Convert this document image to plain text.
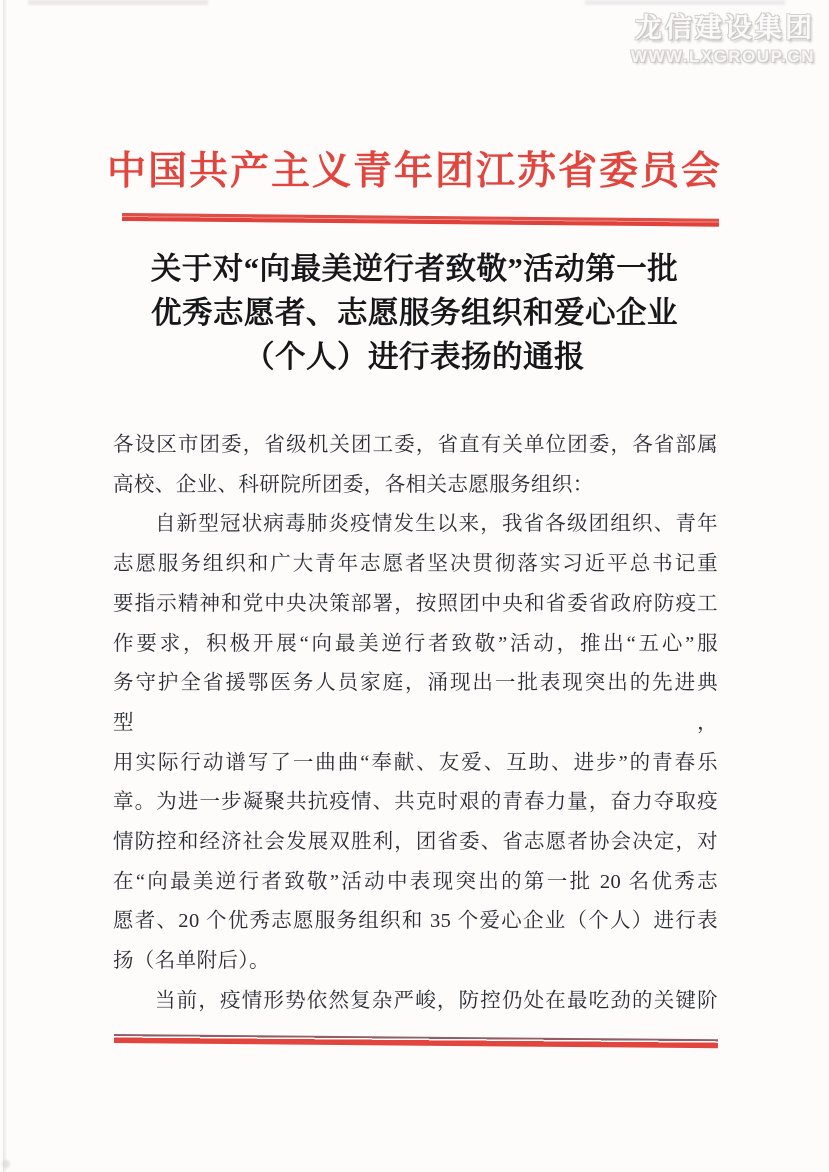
龙信建设集团
WWW.LXGROUP.CN
中国共产主义青年团江苏省委员会
关于对“向最美逆行者致敬”活动第一批
优秀志愿者、志愿服务组织和爱心企业
（个人）进行表扬的通报
各设区市团委，省级机关团工委，省直有关单位团委，各省部属
高校、企业、科研院所团委，各相关志愿服务组织：
自新型冠状病毒肺炎疫情发生以来，我省各级团组织、青年
志愿服务组织和广大青年志愿者坚决贯彻落实习近平总书记重
要指示精神和党中央决策部署，按照团中央和省委省政府防疫工
作要求，积极开展“向最美逆行者致敬”活动，推出“五心”服
务守护全省援鄂医务人员家庭，涌现出一批表现突出的先进典型，
用实际行动谱写了一曲曲“奉献、友爱、互助、进步”的青春乐
章。为进一步凝聚共抗疫情、共克时艰的青春力量，奋力夺取疫
情防控和经济社会发展双胜利，团省委、省志愿者协会决定，对
在“向最美逆行者致敬”活动中表现突出的第一批 20 名优秀志
愿者、20 个优秀志愿服务组织和 35 个爱心企业（个人）进行表
扬（名单附后）。
当前，疫情形势依然复杂严峻，防控仍处在最吃劲的关键阶
